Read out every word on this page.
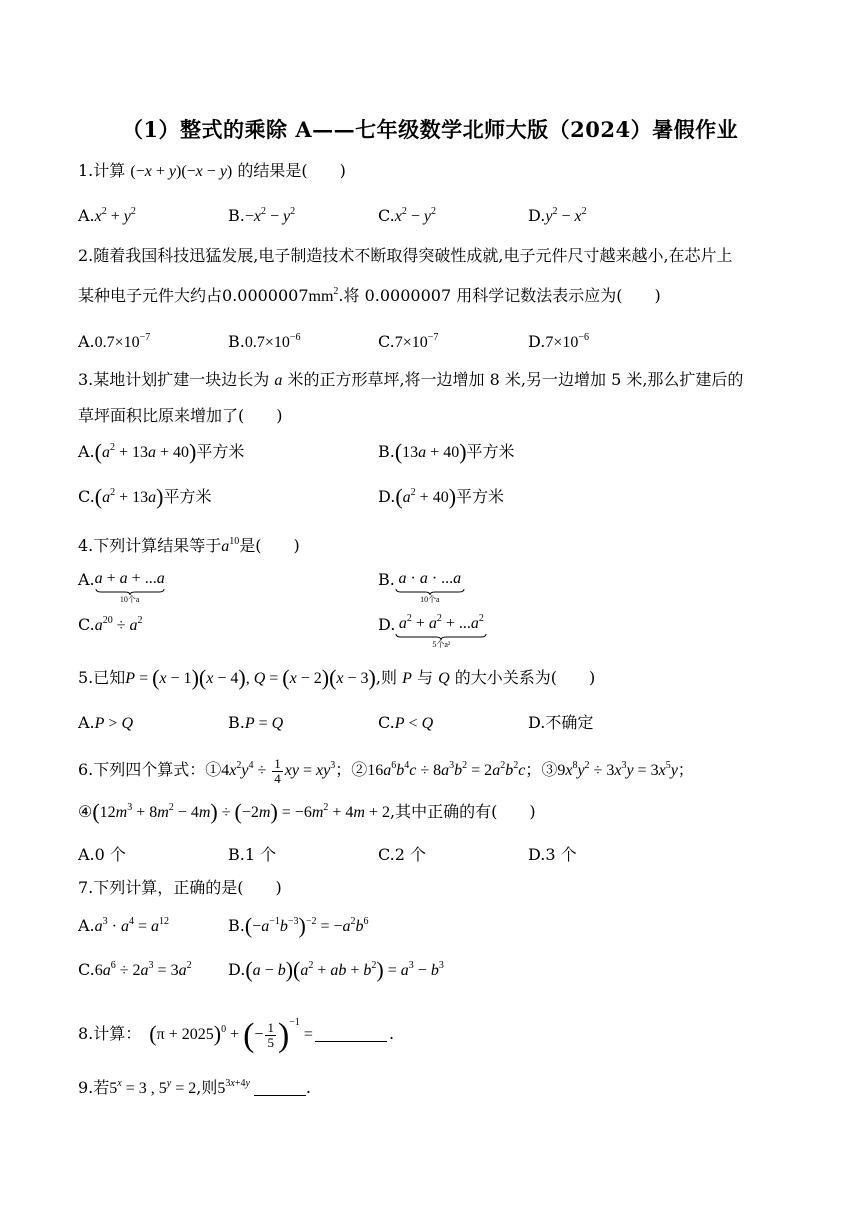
（1）整式的乘除 A——七年级数学北师大版（2024）暑假作业
1.计算 (−x + y)(−x − y) 的结果是(　　)
$A.x^2 + y^2$	$B.-x^2 - y^2$	$C.x^2 - y^2$	$D.y^2 - x^2$
2.随着我国科技迅猛发展,电子制造技术不断取得突破性成就,电子元件尺寸越来越小,在芯片上
某种电子元件大约占$0.0000007mm^2$.将 0.0000007 用科学记数法表示应为(　　)
$A.0.7\times 10^{-7}$	$B.0.7\times 10^{-6}$	$C.7\times 10^{-7}$	$D.7\times 10^{-6}$
3.某地计划扩建一块边长为 a 米的正方形草坪,将一边增加 8 米,另一边增加 5 米,那么扩建后的
草坪面积比原来增加了(　　)
$A.(a^2 + 13a + 40)$平方米	B.(13a + 40)平方米
$C.(a^2 + 13a)$平方米	$D.(a^2 + 40)$平方米
4.下列计算结果等于$a^{10}$是(　　)
A. a + a + ...a
10个a
B. a · a · ...a
10个a
$C.a^{20} \div a^2$	D. $a^2 + a^2 + ...a^2$
5个a²
5.已知P = (x − 1)(x − 4), Q = (x − 2)(x − 3),则 P 与 Q 的大小关系为(　　)
A.P > Q	B.P = Q	C.P < Q	D.不确定
6.下列四个算式：$①4x^2y^4 \div \frac{1}{4}$ xy = $xy^3$；$②16a^6b^4c \div 8a^3b^2 = 2a^2b^2c$；$③9x^8y^2 \div 3x^3y = 3x^5y$；
$④(12m^3 + 8m^2 - 4m) \div (-2m) = -6m^2 + 4m + 2$,其中正确的有(　　)
A.0 个	B.1 个	C.2 个	D.3 个
7.下列计算，正确的是(　　)
$A.a^3 \cdot a^4 = a^{12}$	$B.(-a^{-1}b^{-3})^{-2} = -a^2b^6$
$C.6a^6 \div 2a^3 = 3a^2$ $D.(a - b)(a^2$ + ab + $b^2) = a^3 - b^3$
8.计算：　 $(\pi + 2025)^0$ + (− $\frac{1}{5} )^{-1}$ =	.
9.若$5^x = 3$ , $5^y = 2$,则$5^{3x+4y}$	.
